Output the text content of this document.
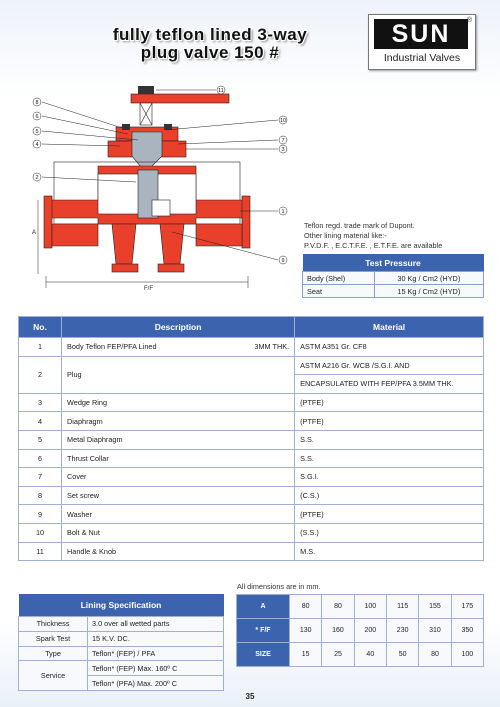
fully teflon lined 3-way
plug valve 150 #
SUN
Industrial Valves
®
A
F/F
11
8
6
5
4
2
10
7
3
1
9
Teflon regd. trade mark of Dupont.
Other lining material like:-
P.V.D.F. , E.C.T.F.E. , E.T.F.E. are available
Test Pressure	
Body (Shel)	30 Kg / Cm2 (HYD)
Seat	15 Kg / Cm2 (HYD)
No.	Description		Material
1	Body Teflon FEP/PFA Lined	3MM THK.	ASTM A351 Gr. CF8
2	Plug		ASTM A216 Gr. WCB /S.G.I. AND
			ENCAPSULATED WITH FEP/PFA 3.5MM THK.
3	Wedge Ring		(PTFE)
4	Diaphragm		(PTFE)
5	Metal Diaphragm		S.S.
6	Thrust Collar		S.S.
7	Cover		S.G.I.
8	Set screw		(C.S.)
9	Washer		(PTFE)
10	Bolt & Nut		(S.S.)
11	Handle & Knob		M.S.
All dimensions are in mm.
Lining Specification	
Thickness	3.0 over all wetted parts
Spark Test	15 K.V. DC.
Type	Teflon* (FEP) / PFA
Service	Teflon* (FEP) Max. 160º C
	Teflon* (PFA) Max. 200º C
A	80	80	100	115	155	175
* F/F	130	160	200	230	310	350
SIZE	15	25	40	50	80	100
35
